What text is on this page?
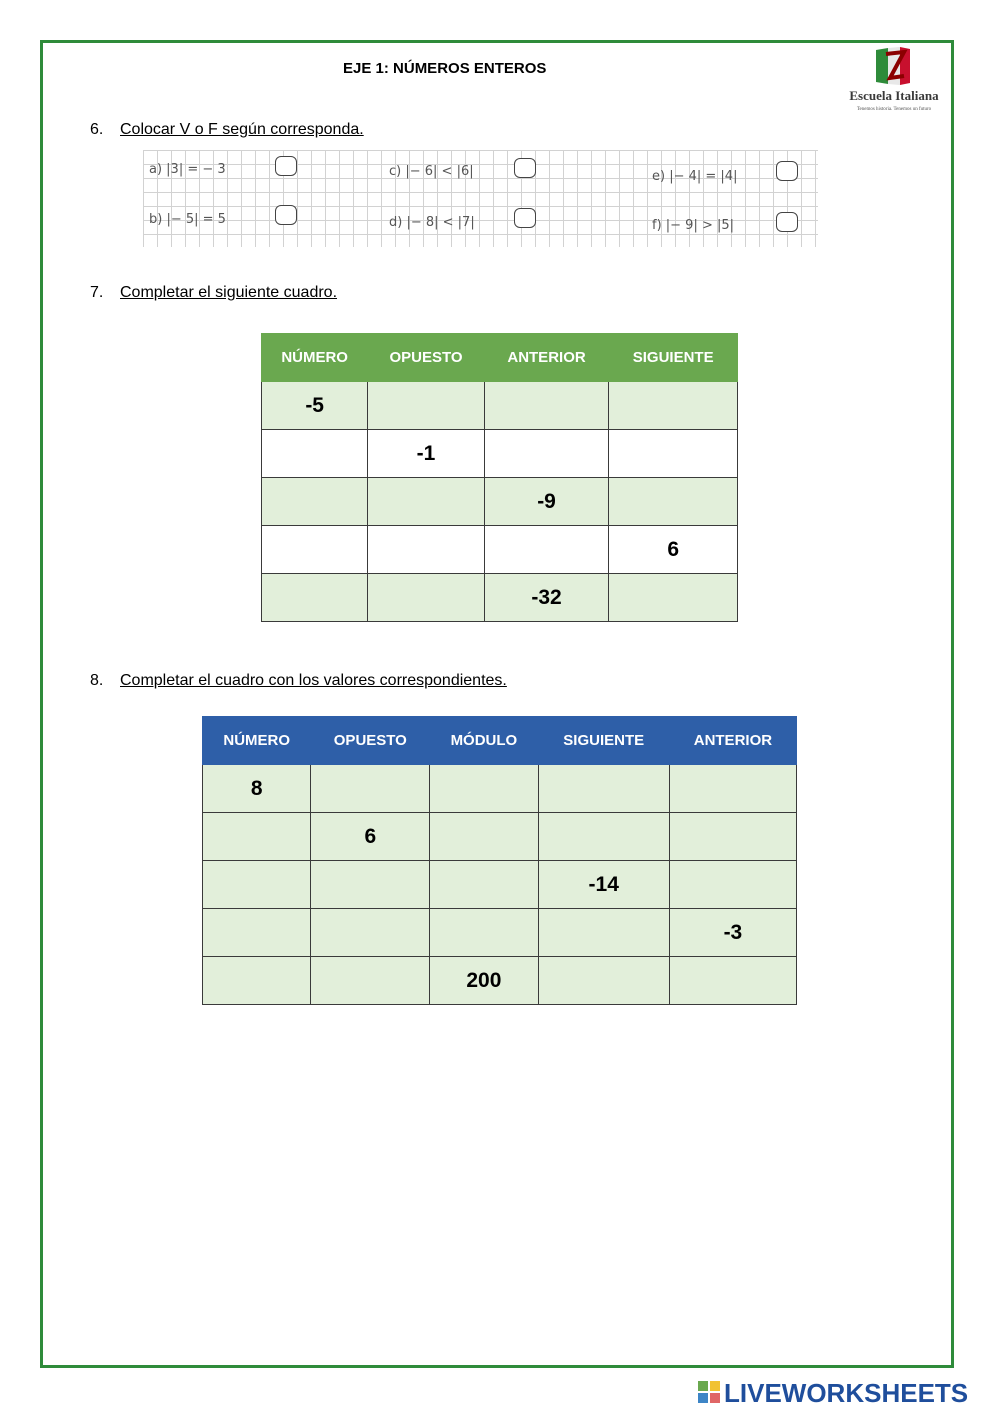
EJE 1: NÚMEROS ENTEROS
Escuela Italiana
Tenemos historia. Tenemos un futuro
6. Colocar V o F según corresponda.
a) |3| = − 3	c) |− 6| < |6|	e) |− 4| = |4|
b) |− 5| = 5	d) |− 8| < |7|	f) |− 9| > |5|
7. Completar el siguiente cuadro.
NÚMERO	OPUESTO	ANTERIOR	SIGUIENTE
-5			
	-1		
		-9	
			6
		-32	
8. Completar el cuadro con los valores correspondientes.
NÚMERO	OPUESTO	MÓDULO	SIGUIENTE	ANTERIOR
8				
	6			
			-14	
				-3
		200		
LIVEWORKSHEETS
